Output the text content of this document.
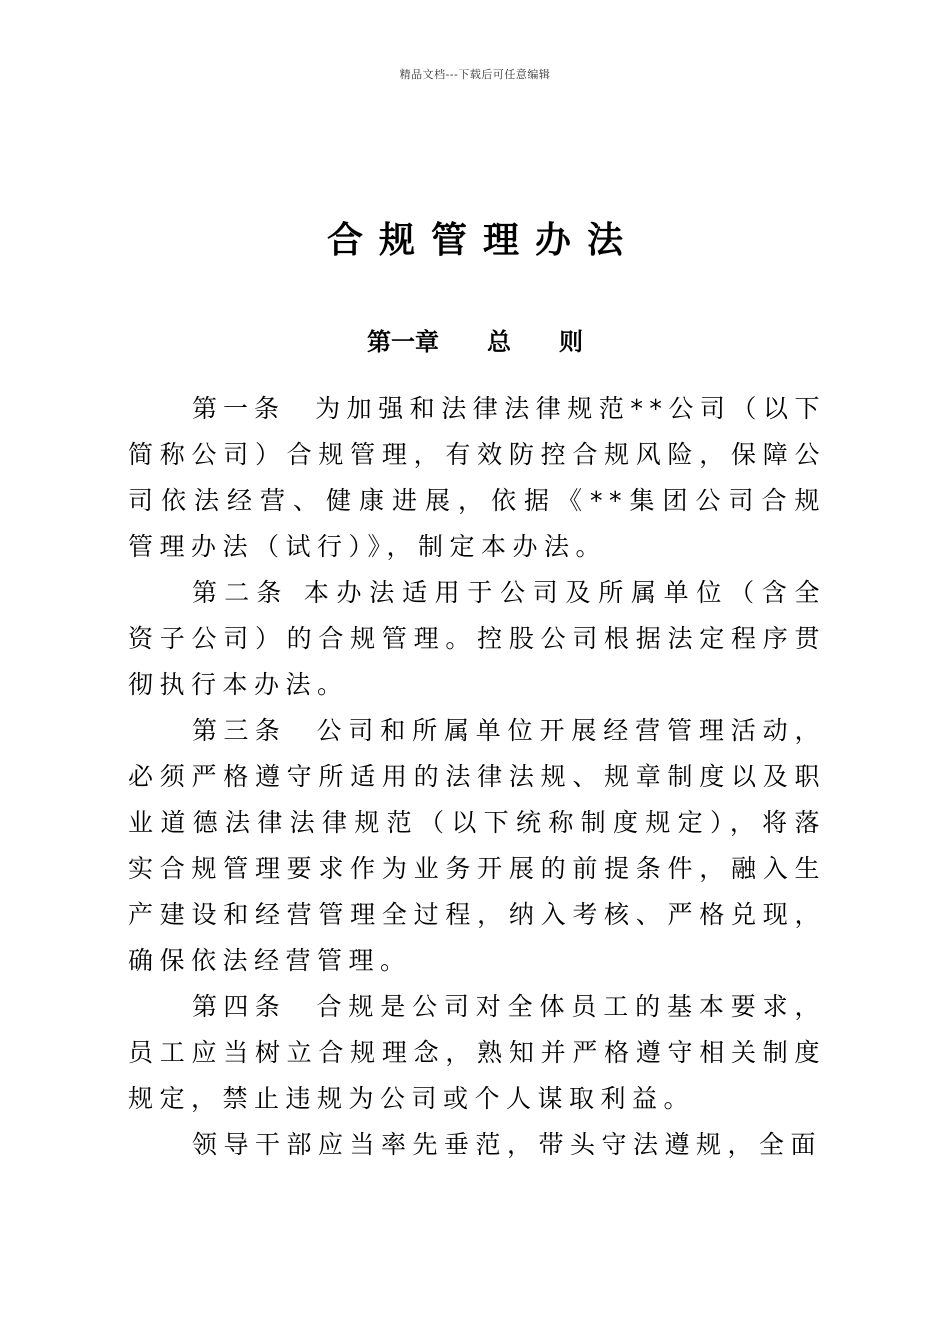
精品文档---下载后可任意编辑
合规管理办法
第一章　　总　　则

第一条 为加强和法律法律规范**公司（以下简称公司）合规管理，有效防控合规风险，保障公司依法经营、健康进展，依据《**集团公司合规管理办法（试行）》，制定本办法。

第二条 本办法适用于公司及所属单位（含全资子公司）的合规管理。控股公司根据法定程序贯彻执行本办法。

第三条 公司和所属单位开展经营管理活动，必须严格遵守所适用的法律法规、规章制度以及职业道德法律法律规范（以下统称制度规定），将落实合规管理要求作为业务开展的前提条件，融入生产建设和经营管理全过程，纳入考核、严格兑现，确保依法经营管理。

第四条 合规是公司对全体员工的基本要求，员工应当树立合规理念，熟知并严格遵守相关制度规定，禁止违规为公司或个人谋取利益。

领导干部应当率先垂范，带头守法遵规，全面
